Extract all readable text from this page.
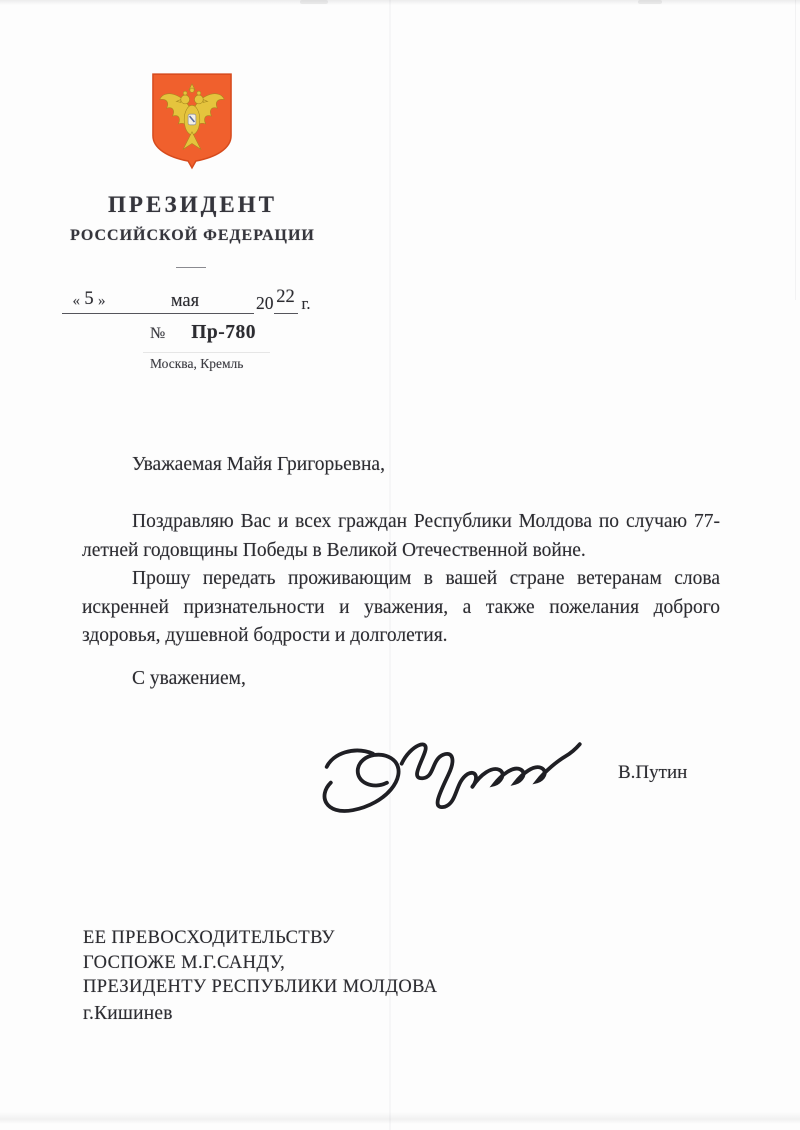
ПРЕЗИДЕНТ
РОССИЙСКОЙ ФЕДЕРАЦИИ
« 5 »	мая	20 22 г.
№ Пр-780
Москва, Кремль

Уважаемая Майя Григорьевна,

Поздравляю Вас и всех граждан Республики Молдова по случаю 77-летней годовщины Победы в Великой Отечественной войне.

Прошу передать проживающим в вашей стране ветеранам слова искренней признательности и уважения, а также пожелания доброго здоровья, душевной бодрости и долголетия.

С уважением,

В.Путин
ЕЕ ПРЕВОСХОДИТЕЛЬСТВУ
ГОСПОЖЕ М.Г.САНДУ,
ПРЕЗИДЕНТУ РЕСПУБЛИКИ МОЛДОВА
г.Кишинев
